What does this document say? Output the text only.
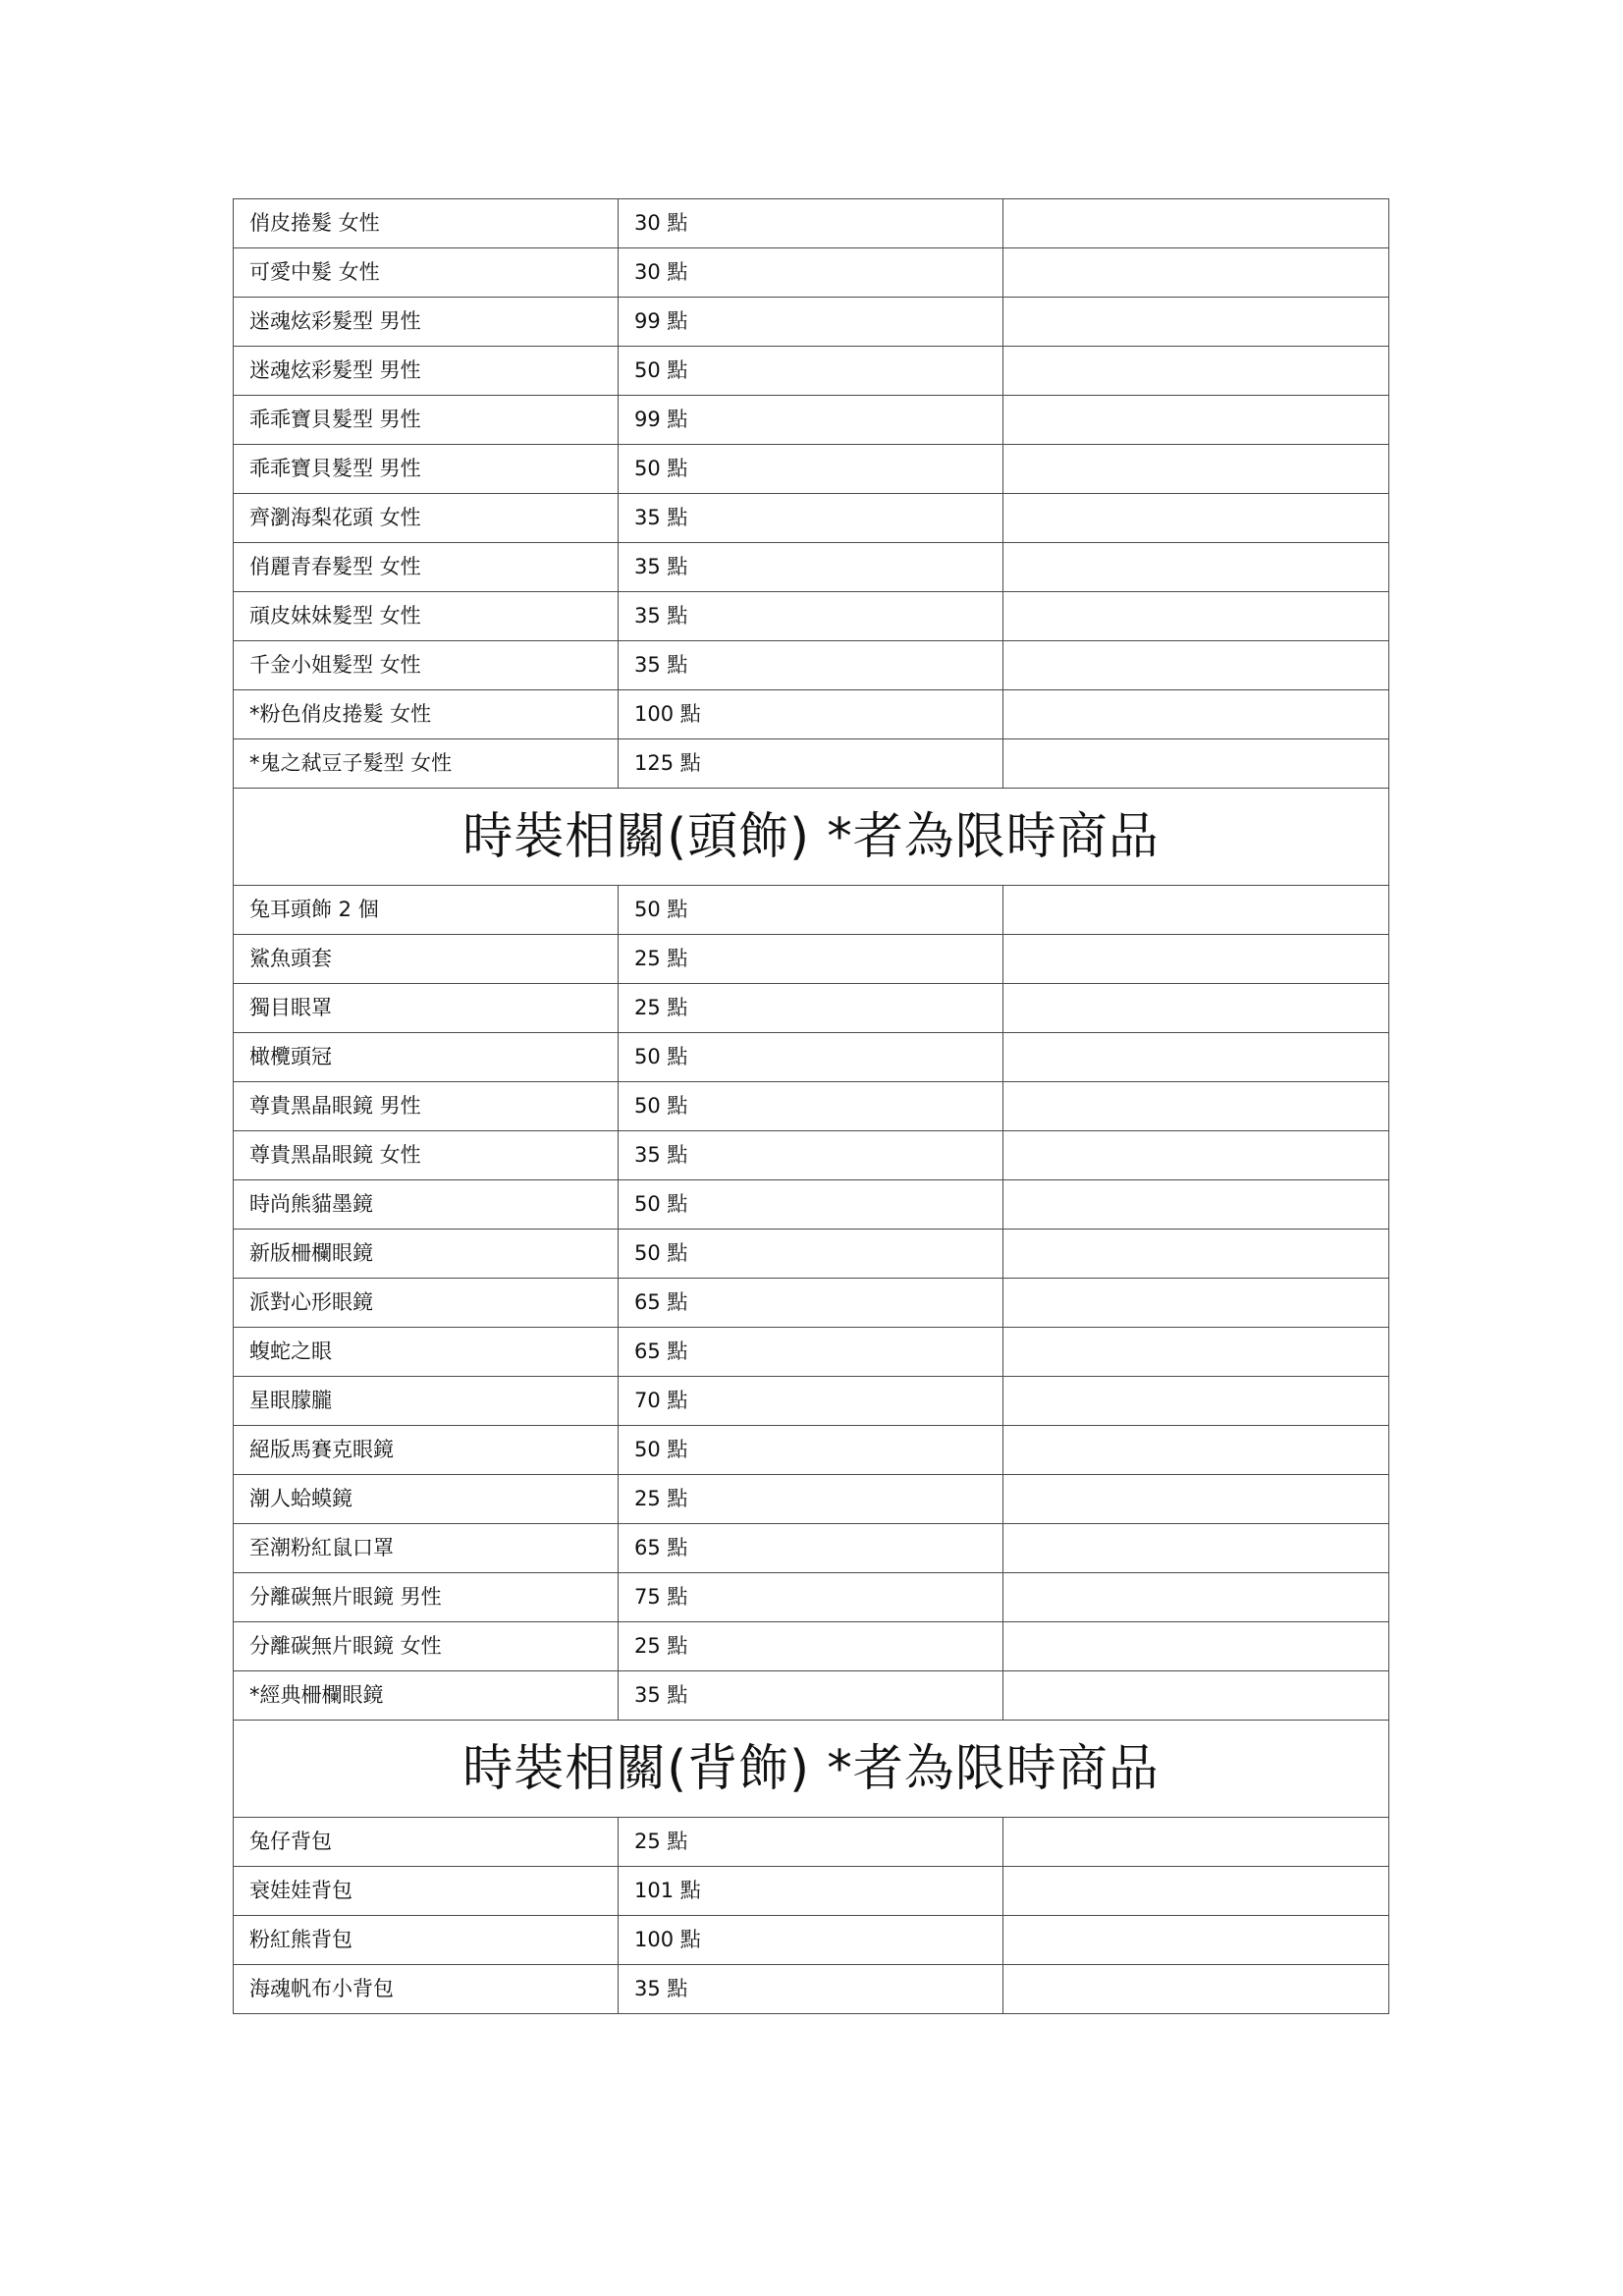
俏皮捲髮 女性	30 點	
可愛中髮 女性	30 點	
迷魂炫彩髮型 男性	99 點	
迷魂炫彩髮型 男性	50 點	
乖乖寶貝髮型 男性	99 點	
乖乖寶貝髮型 男性	50 點	
齊瀏海梨花頭 女性	35 點	
俏麗青春髮型 女性	35 點	
頑皮妹妹髮型 女性	35 點	
千金小姐髮型 女性	35 點	
*粉色俏皮捲髮 女性	100 點	
*鬼之弒豆子髮型 女性	125 點	
時裝相關(頭飾) *者為限時商品		
兔耳頭飾 2 個	50 點	
鯊魚頭套	25 點	
獨目眼罩	25 點	
橄欖頭冠	50 點	
尊貴黑晶眼鏡 男性	50 點	
尊貴黑晶眼鏡 女性	35 點	
時尚熊貓墨鏡	50 點	
新版柵欄眼鏡	50 點	
派對心形眼鏡	65 點	
蝮蛇之眼	65 點	
星眼朦朧	70 點	
絕版馬賽克眼鏡	50 點	
潮人蛤蟆鏡	25 點	
至潮粉紅鼠口罩	65 點	
分離碳無片眼鏡 男性	75 點	
分離碳無片眼鏡 女性	25 點	
*經典柵欄眼鏡	35 點	
時裝相關(背飾) *者為限時商品		
兔仔背包	25 點	
衰娃娃背包	101 點	
粉紅熊背包	100 點	
海魂帆布小背包	35 點	
